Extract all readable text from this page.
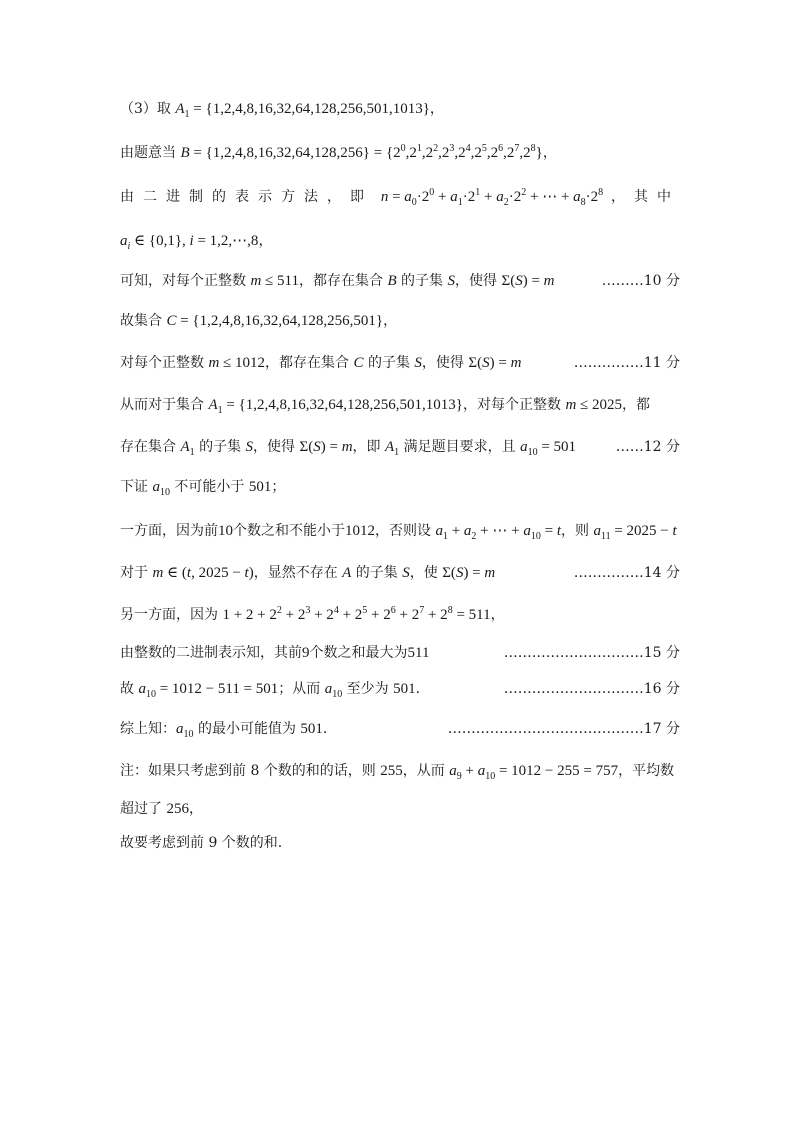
（3）取 $A_1 = \{1,2,4,8,16,32,64,128,256,501,1013\}$，
由题意当 $B = \{1,2,4,8,16,32,64,128,256\} = \{2^0,2^1,2^2,2^3,2^4,2^5,2^6,2^7,2^8\}$，
由二进制的表示方法，即 $n = a_0\cdot 2^0 + a_1\cdot 2^1 + a_2\cdot 2^2$ + ⋯ + $a_8\cdot 2^8$ ，其中
$a_i$ ∈ {0,1}, i = 1,2,⋯,8，
可知，对每个正整数 m ≤ 511，都存在集合 B 的子集 S，使得 Σ(S) = m	………10 分
故集合 C = {1,2,4,8,16,32,64,128,256,501}，
对每个正整数 m ≤ 1012，都存在集合 C 的子集 S，使得 Σ(S) = m	……………11 分
从而对于集合 $A_1 = \{1,2,4,8,16,32,64,128,256,501,1013\}$，对每个正整数 m ≤ 2025，都
存在集合 $A_1$ 的子集 S，使得 Σ(S) = m，即 $A_1$ 满足题目要求，且 $a_{10} = 501$	……12 分
下证 $a_{10}$ 不可能小于 501；
一方面，因为前10个数之和不能小于1012，否则设 $a_1 + a_2$ + ⋯ + $a_{10} = t$，则 $a_{11} = 2025 - t$
对于 m ∈ (t, 2025 − t)，显然不存在 A 的子集 S，使 Σ(S) = m	……………14 分
另一方面，因为 $1 + 2 + 2^2 + 2^3 + 2^4 + 2^5 + 2^6 + 2^7 + 2^8 = 511$，
由整数的二进制表示知，其前9个数之和最大为511	…………………………15 分
故 $a_{10} = 1012 - 511 = 501$；从而 $a_{10}$ 至少为 501.	…………………………16 分
综上知：$a_{10}$ 的最小可能值为 501.	……………………………………17 分
注：如果只考虑到前 8 个数的和的话，则 255，从而 $a_9 + a_{10} = 1012 - 255 = 757$，平均数
超过了 256，
故要考虑到前 9 个数的和.
